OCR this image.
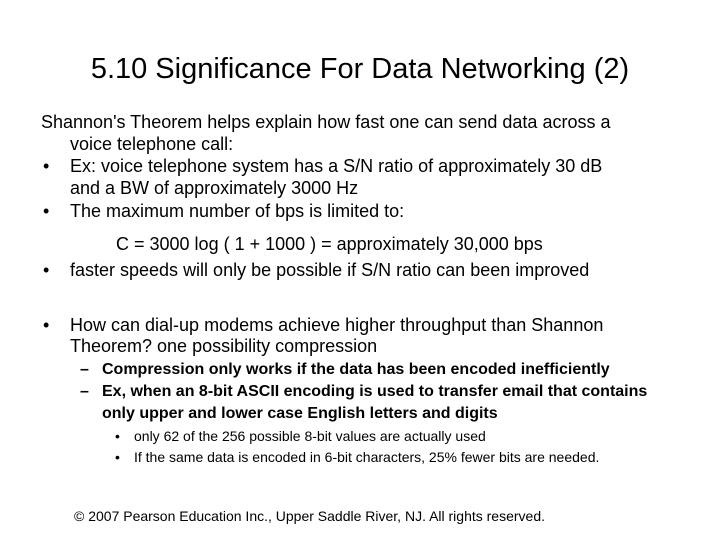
5.10 Significance For Data Networking (2)
Shannon's Theorem helps explain how fast one can send data across a
voice telephone call:
• Ex: voice telephone system has a S/N ratio of approximately 30 dB
and a BW of approximately 3000 Hz
• The maximum number of bps is limited to:
C = 3000 log ( 1 + 1000 ) = approximately 30,000 bps
• faster speeds will only be possible if S/N ratio can been improved
• How can dial-up modems achieve higher throughput than Shannon
Theorem? one possibility compression
– Compression only works if the data has been encoded inefficiently
– Ex, when an 8-bit ASCII encoding is used to transfer email that contains
only upper and lower case English letters and digits
• only 62 of the 256 possible 8-bit values are actually used
• If the same data is encoded in 6-bit characters, 25% fewer bits are needed.
© 2007 Pearson Education Inc., Upper Saddle River, NJ. All rights reserved.
